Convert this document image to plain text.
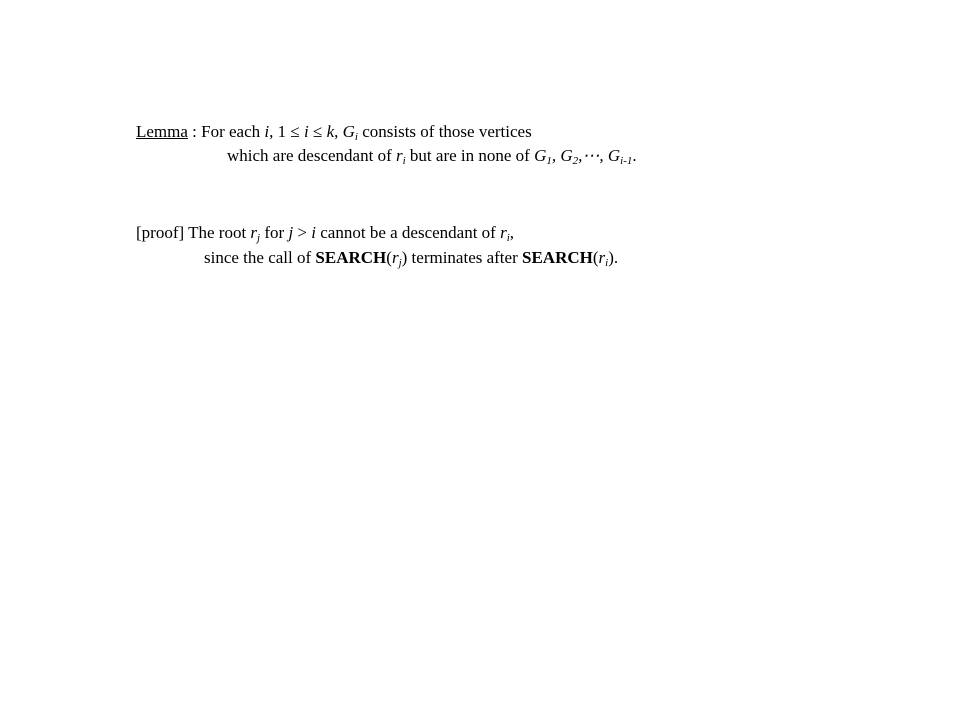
Lemma : For each i, 1 ≤ i ≤ k, $G_i$ consists of those vertices
which are descendant of $r_i$ but are in none of $G_1$, $G_2,\cdots$, $G_{i-1}$.
[proof] The root $r_j$ for j > i cannot be a descendant of $r_i$,
since the call of $SEARCH(r_j)$ terminates after $SEARCH(r_i)$.
